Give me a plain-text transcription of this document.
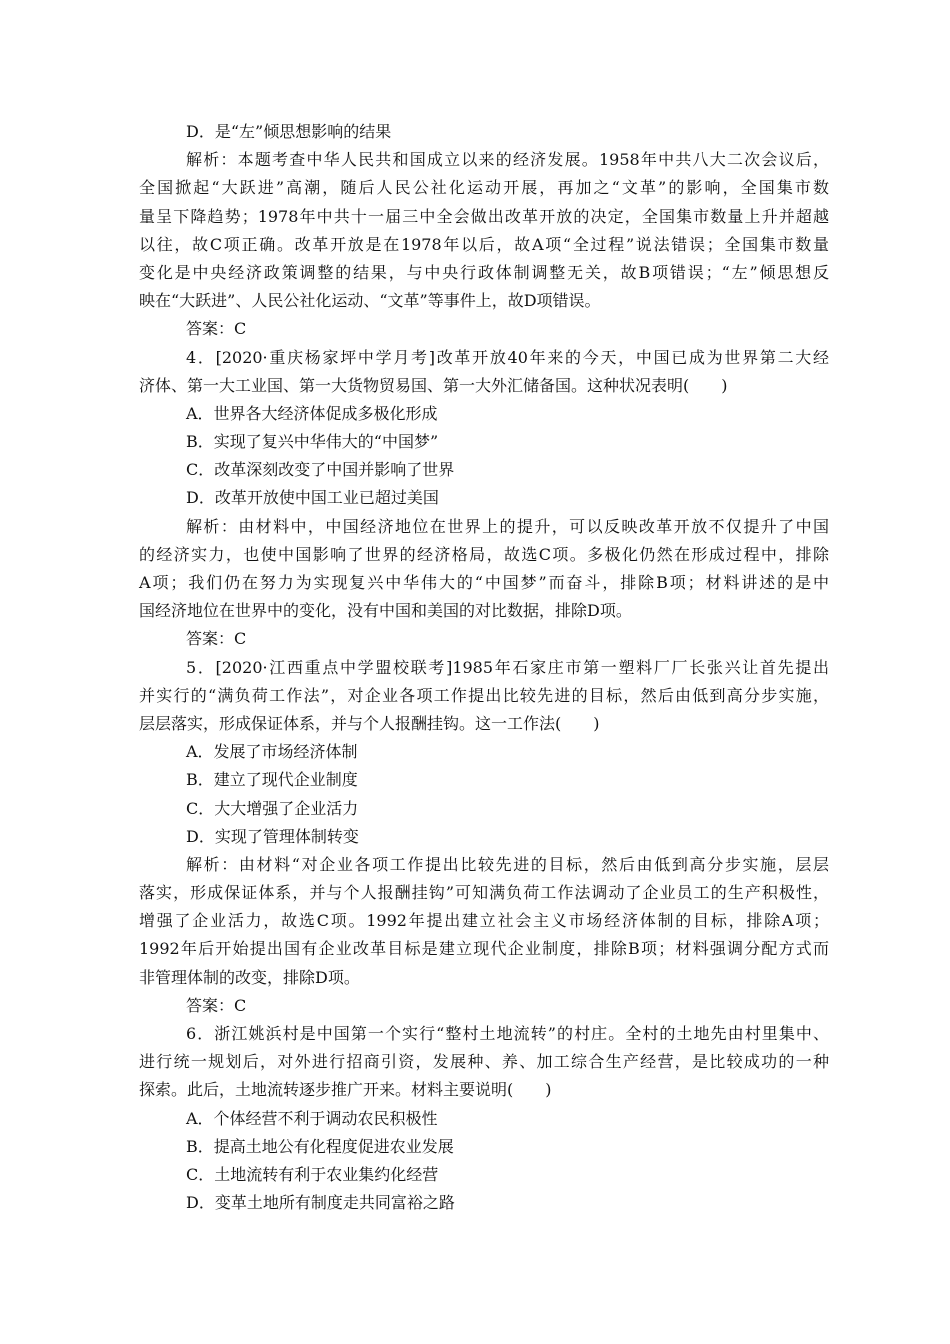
D．是“左”倾思想影响的结果
解析：本题考查中华人民共和国成立以来的经济发展。1958年中共八大二次会议后，
全国掀起“大跃进”高潮，随后人民公社化运动开展，再加之“文革”的影响，全国集市数
量呈下降趋势；1978年中共十一届三中全会做出改革开放的决定，全国集市数量上升并超越
以往，故C项正确。改革开放是在1978年以后，故A项“全过程”说法错误；全国集市数量
变化是中央经济政策调整的结果，与中央行政体制调整无关，故B项错误；“左”倾思想反
映在“大跃进”、人民公社化运动、“文革”等事件上，故D项错误。
答案：C
4．[2020·重庆杨家坪中学月考]改革开放40年来的今天，中国已成为世界第二大经
济体、第一大工业国、第一大货物贸易国、第一大外汇储备国。这种状况表明(　　)
A．世界各大经济体促成多极化形成
B．实现了复兴中华伟大的“中国梦”
C．改革深刻改变了中国并影响了世界
D．改革开放使中国工业已超过美国
解析：由材料中，中国经济地位在世界上的提升，可以反映改革开放不仅提升了中国
的经济实力，也使中国影响了世界的经济格局，故选C项。多极化仍然在形成过程中，排除
A项；我们仍在努力为实现复兴中华伟大的“中国梦”而奋斗，排除B项；材料讲述的是中
国经济地位在世界中的变化，没有中国和美国的对比数据，排除D项。
答案：C
5．[2020·江西重点中学盟校联考]1985年石家庄市第一塑料厂厂长张兴让首先提出
并实行的“满负荷工作法”，对企业各项工作提出比较先进的目标，然后由低到高分步实施，
层层落实，形成保证体系，并与个人报酬挂钩。这一工作法(　　)
A．发展了市场经济体制
B．建立了现代企业制度
C．大大增强了企业活力
D．实现了管理体制转变
解析：由材料“对企业各项工作提出比较先进的目标，然后由低到高分步实施，层层
落实，形成保证体系，并与个人报酬挂钩”可知满负荷工作法调动了企业员工的生产积极性，
增强了企业活力，故选C项。1992年提出建立社会主义市场经济体制的目标，排除A项；
1992年后开始提出国有企业改革目标是建立现代企业制度，排除B项；材料强调分配方式而
非管理体制的改变，排除D项。
答案：C
6．浙江姚浜村是中国第一个实行“整村土地流转”的村庄。全村的土地先由村里集中、
进行统一规划后，对外进行招商引资，发展种、养、加工综合生产经营，是比较成功的一种
探索。此后，土地流转逐步推广开来。材料主要说明(　　)
A．个体经营不利于调动农民积极性
B．提高土地公有化程度促进农业发展
C．土地流转有利于农业集约化经营
D．变革土地所有制度走共同富裕之路
